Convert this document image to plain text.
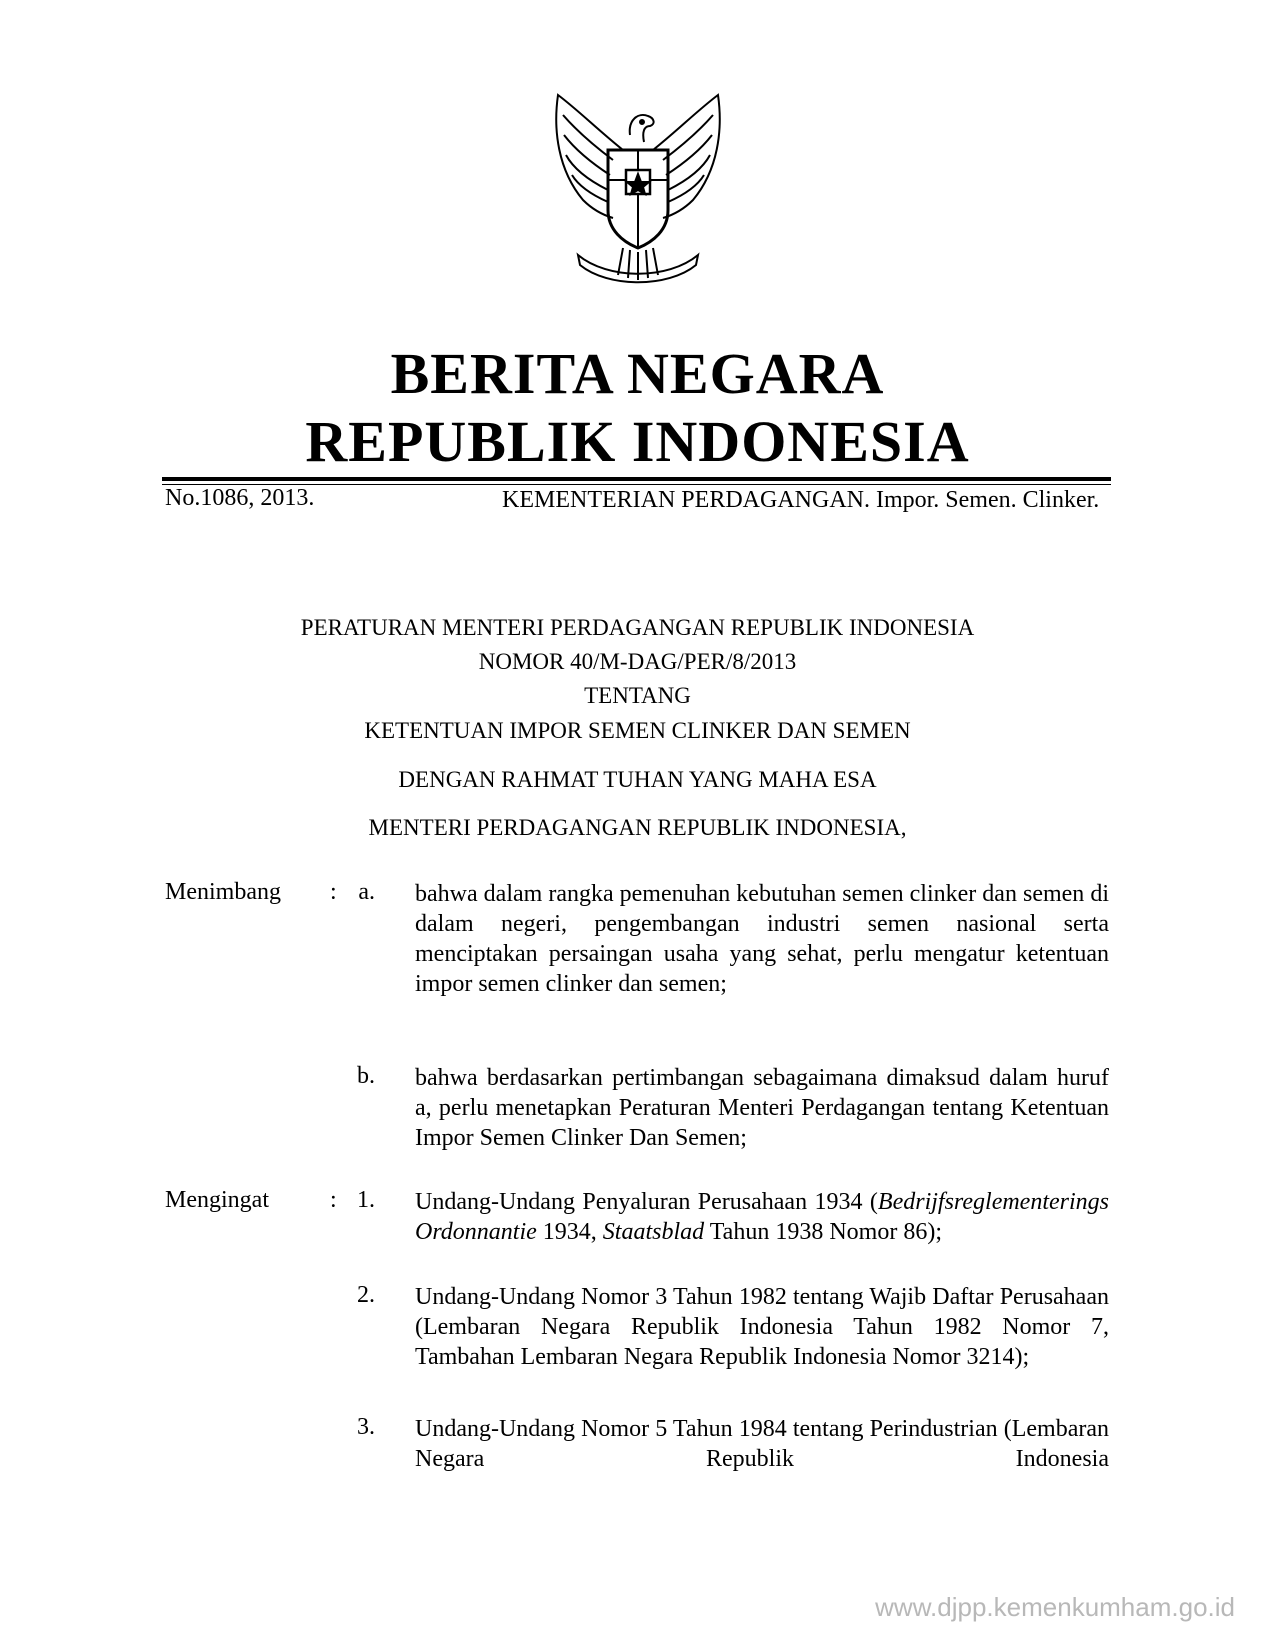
BERITA NEGARA
REPUBLIK INDONESIA
No.1086, 2013.	KEMENTERIAN PERDAGANGAN. Impor. Semen. Clinker.
PERATURAN MENTERI PERDAGANGAN REPUBLIK INDONESIA
NOMOR 40/M-DAG/PER/8/2013
TENTANG
KETENTUAN IMPOR SEMEN CLINKER DAN SEMEN
DENGAN RAHMAT TUHAN YANG MAHA ESA
MENTERI PERDAGANGAN REPUBLIK INDONESIA,
Menimbang : a. bahwa dalam rangka pemenuhan kebutuhan semen clinker dan semen di dalam negeri, pengembangan industri semen nasional serta menciptakan persaingan usaha yang sehat, perlu mengatur ketentuan impor semen clinker dan semen;
b. bahwa berdasarkan pertimbangan sebagaimana dimaksud dalam huruf a, perlu menetapkan Peraturan Menteri Perdagangan tentang Ketentuan Impor Semen Clinker Dan Semen;
Mengingat	: 1. Undang-Undang Penyaluran Perusahaan 1934 (Bedrijfsreglementerings Ordonnantie 1934, Staatsblad Tahun 1938 Nomor 86);
2. Undang-Undang Nomor 3 Tahun 1982 tentang Wajib Daftar Perusahaan (Lembaran Negara Republik Indonesia Tahun 1982 Nomor 7, Tambahan Lembaran Negara Republik Indonesia Nomor 3214);
3. Undang-Undang Nomor 5 Tahun 1984 tentang Perindustrian (Lembaran Negara Republik Indonesia
www.djpp.kemenkumham.go.id
